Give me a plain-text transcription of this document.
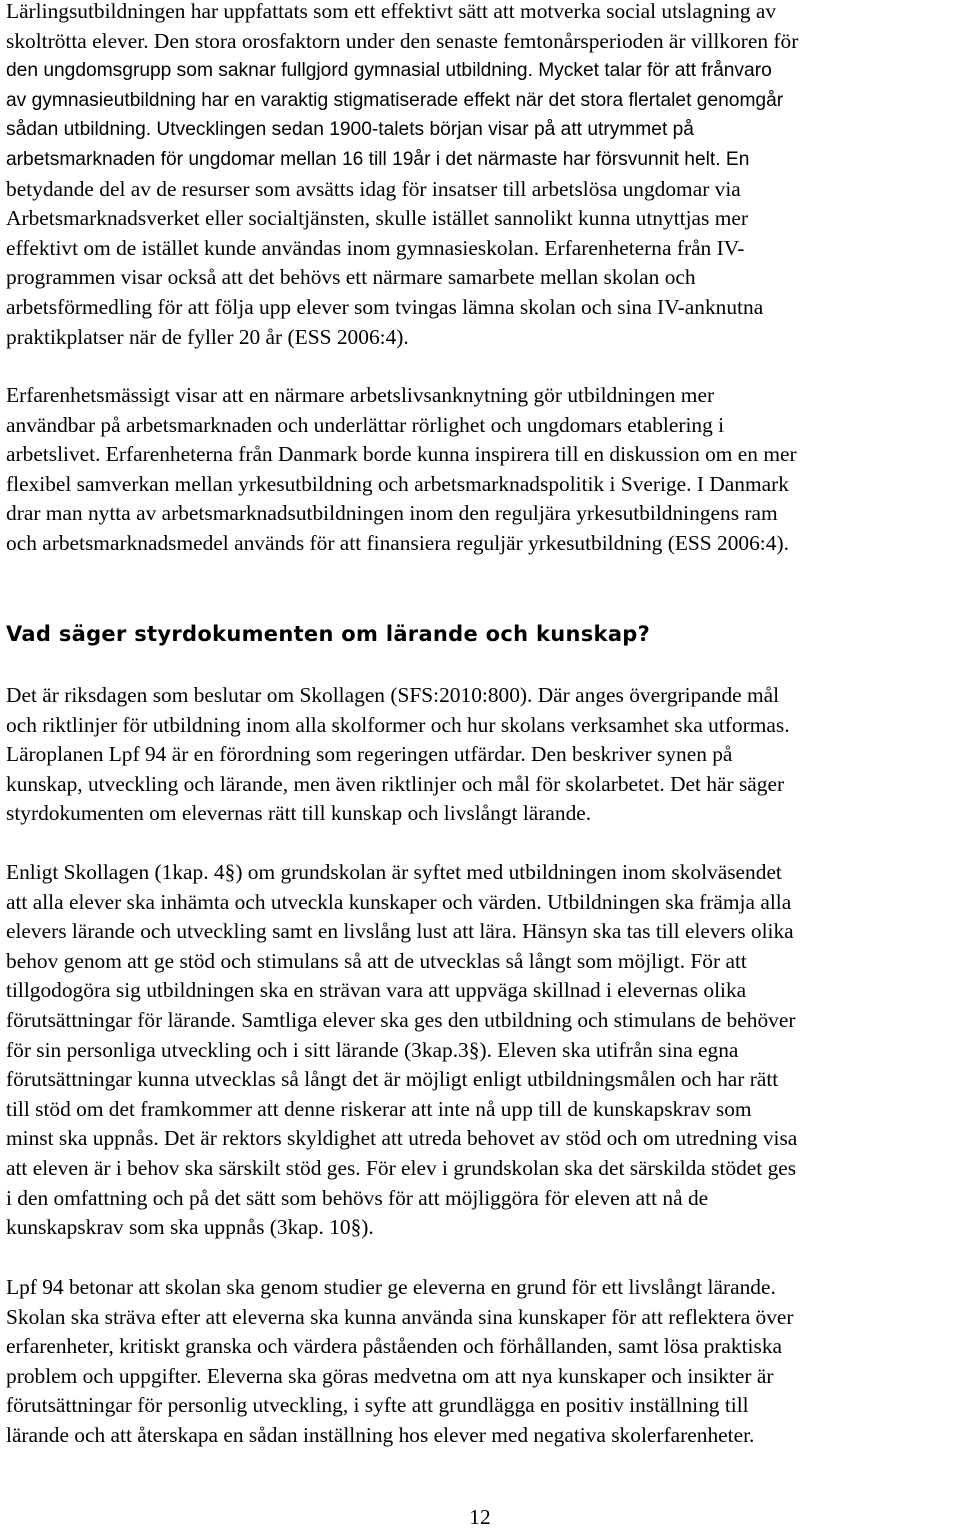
Lärlingsutbildningen har uppfattats som ett effektivt sätt att motverka social utslagning av
skoltrötta elever. Den stora orosfaktorn under den senaste femtonårsperioden är villkoren för
den ungdomsgrupp som saknar fullgjord gymnasial utbildning. Mycket talar för att frånvaro
av gymnasieutbildning har en varaktig stigmatiserade effekt när det stora flertalet genomgår
sådan utbildning. Utvecklingen sedan 1900-talets början visar på att utrymmet på
arbetsmarknaden för ungdomar mellan 16 till 19år i det närmaste har försvunnit helt. En
betydande del av de resurser som avsätts idag för insatser till arbetslösa ungdomar via
Arbetsmarknadsverket eller socialtjänsten, skulle istället sannolikt kunna utnyttjas mer
effektivt om de istället kunde användas inom gymnasieskolan. Erfarenheterna från IV-
programmen visar också att det behövs ett närmare samarbete mellan skolan och
arbetsförmedling för att följa upp elever som tvingas lämna skolan och sina IV-anknutna
praktikplatser när de fyller 20 år (ESS 2006:4).

Erfarenhetsmässigt visar att en närmare arbetslivsanknytning gör utbildningen mer
användbar på arbetsmarknaden och underlättar rörlighet och ungdomars etablering i
arbetslivet. Erfarenheterna från Danmark borde kunna inspirera till en diskussion om en mer
flexibel samverkan mellan yrkesutbildning och arbetsmarknadspolitik i Sverige. I Danmark
drar man nytta av arbetsmarknadsutbildningen inom den reguljära yrkesutbildningens ram
och arbetsmarknadsmedel används för att finansiera reguljär yrkesutbildning (ESS 2006:4).

Vad säger styrdokumenten om lärande och kunskap?

Det är riksdagen som beslutar om Skollagen (SFS:2010:800). Där anges övergripande mål
och riktlinjer för utbildning inom alla skolformer och hur skolans verksamhet ska utformas.
Läroplanen Lpf 94 är en förordning som regeringen utfärdar. Den beskriver synen på
kunskap, utveckling och lärande, men även riktlinjer och mål för skolarbetet. Det här säger
styrdokumenten om elevernas rätt till kunskap och livslångt lärande.

Enligt Skollagen (1kap. 4§) om grundskolan är syftet med utbildningen inom skolväsendet
att alla elever ska inhämta och utveckla kunskaper och värden. Utbildningen ska främja alla
elevers lärande och utveckling samt en livslång lust att lära. Hänsyn ska tas till elevers olika
behov genom att ge stöd och stimulans så att de utvecklas så långt som möjligt. För att
tillgodogöra sig utbildningen ska en strävan vara att uppväga skillnad i elevernas olika
förutsättningar för lärande. Samtliga elever ska ges den utbildning och stimulans de behöver
för sin personliga utveckling och i sitt lärande (3kap.3§). Eleven ska utifrån sina egna
förutsättningar kunna utvecklas så långt det är möjligt enligt utbildningsmålen och har rätt
till stöd om det framkommer att denne riskerar att inte nå upp till de kunskapskrav som
minst ska uppnås. Det är rektors skyldighet att utreda behovet av stöd och om utredning visa
att eleven är i behov ska särskilt stöd ges. För elev i grundskolan ska det särskilda stödet ges
i den omfattning och på det sätt som behövs för att möjliggöra för eleven att nå de
kunskapskrav som ska uppnås (3kap. 10§).

Lpf 94 betonar att skolan ska genom studier ge eleverna en grund för ett livslångt lärande.
Skolan ska sträva efter att eleverna ska kunna använda sina kunskaper för att reflektera över
erfarenheter, kritiskt granska och värdera påståenden och förhållanden, samt lösa praktiska
problem och uppgifter. Eleverna ska göras medvetna om att nya kunskaper och insikter är
förutsättningar för personlig utveckling, i syfte att grundlägga en positiv inställning till
lärande och att återskapa en sådan inställning hos elever med negativa skolerfarenheter.

12
